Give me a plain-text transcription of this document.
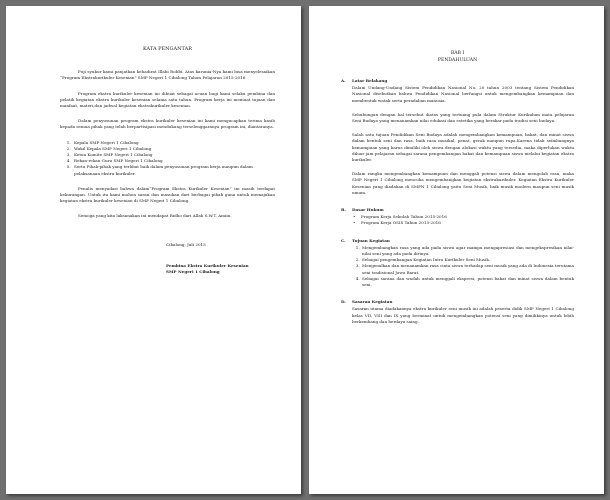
KATA PENGANTAR

Puji syukur kami panjatkan kehadirat Illahi Robbi. Atas karunia-Nya kami bisa menyelesaikan “Program Ekstrakurikuler Kesenian” SMP Negeri 1 Cibalong Tahun Pelajaran 2015-2016.

Program ekstra kurikuler kesenian ini dibuat sebagai acuan bagi kami selaku pembina dan pelatih kegiatan ekstra kurikuler kesenian selama satu tahun. Program kerja ini memuat tujuan dan manfaat, materi,dan jadwal kegiatan ekstrakurikuler kesenian.

Dalam penyusunan program ekstra kurikuler kesenian ini kami mengucapkan terima kasih kepada semua pihak yang telah berpartisipasi mendukung terselenggaranya program ini, diantaranya.

1. Kepala SMP Negeri 1 Cibalong
2. Wakil Kepala SMP Negeri 1 Cibalong
3. Ketua Komite SMP Negeri 1 Cibalong
4. Rekan-rekan Guru SMP Negeri 1 Cibalong
5. Serta Pihak-pihak yang terlibat baik dalam penyusunan program kerja maupun dalam pelaksanaan ekstra kurikuler.

Penulis menyadari bahwa dalam“Program Ekstra Kurikuler Kesenian” ini masih terdapat kekurangan. Untuk itu kami mohon saran dan masukan dari berbagai pihak guna untuk memajukan kegiatan ekstra kurikuler kesenian di SMP Negeri 1 Cibalong.

Semoga yang kita laksanakan ini mendapat Ridho dari Allah S.W.T. Amiin.

Cibalong, Juli 2015
Pembina Ekstra Kurikuler Kesenian
SMP Negeri 1 Cibalong

BAB I

PENDAHULUAN

A.	Latar Belakang

Dalam Undang-Undang Sistem Pendidikan Nasional No. 20 tahun 2003 tentang Sistem Pendidikan Nasional disebutkan bahwa Pendidikan Nasional berfungsi untuk mengembangkan kemampuan dan membentuk watak serta peradaban manusia.

Sehubungan dengan hal tersebut diatas yang tertuang pula dalam Struktur Kurikulum mata pelajaran Seni Budaya yang menanamkan nilai edukasi dan estetika yang berakar pada tradisi seni budaya.

Salah satu tujuan Pendidikan Seni Budaya adalah mengembangkan kemampuan, bakat, dan minat siswa dalam bentuk seni dan rasa, baik rasa musikal, penat, gerak maupun rupa.Karena tidak seimbangnya kemampuan yang harus dimiliki oleh siswa dengan alokasi waktu yang tersedia, maka diperlukan waktu diluar jam pelajaran sebagai sarana pengembangan bakat dan kemampuan siswa melalui kegiatan ekstra kurikuler.

Dalam rangka mengembangkan kemampuan dan menggali potensi siswa dalam mengolah rasa, maka SMP Negeri 1 Cibalong mencoba mengembangkan kegiatan ekstrakurikuler. Kegiatan Ekstra Kurikuler Kesenian yang diadakan di SMPN 1 Cibalong yaitu Seni Musik, baik musik modern maupun seni musik umum.

B.	Dasar Hukum
• Program Kerja Sekolah Tahun 2015-2016
• Program Kerja OSIS Tahun 2015-2016
C.	Tujuan Kegiatan
1. Mengembangkan rasa yang ada pada siswa agar mampu mengapresiasi dan mengekspresikan nilai-nilai seni yang ada pada dirinya.
2. Sebagai pengembangan Kegiatan Intra Kurikuler Seni Musik.
3. Mengenalkan dan menanamkan rasa cinta siswa terhadap seni musik yang ada di Indonesia terutama seni tradisional Jawa Barat.
4. Sebagai sarana dan wadah untuk menggali ekspresi, potensi bakat dan minat siswa dalam bentuk seni.
D.	Sasaran Kegiatan

Sasaran utama diadakannya ekstra kurikuler seni musik ini adalah peserta didik SMP Negeri 1 Cibalong kelas VII, VIII dan IX yang berminat untuk mengembangkan potensi seni yang dimilikinya untuk lebih berkembang dan berdaya saing.
